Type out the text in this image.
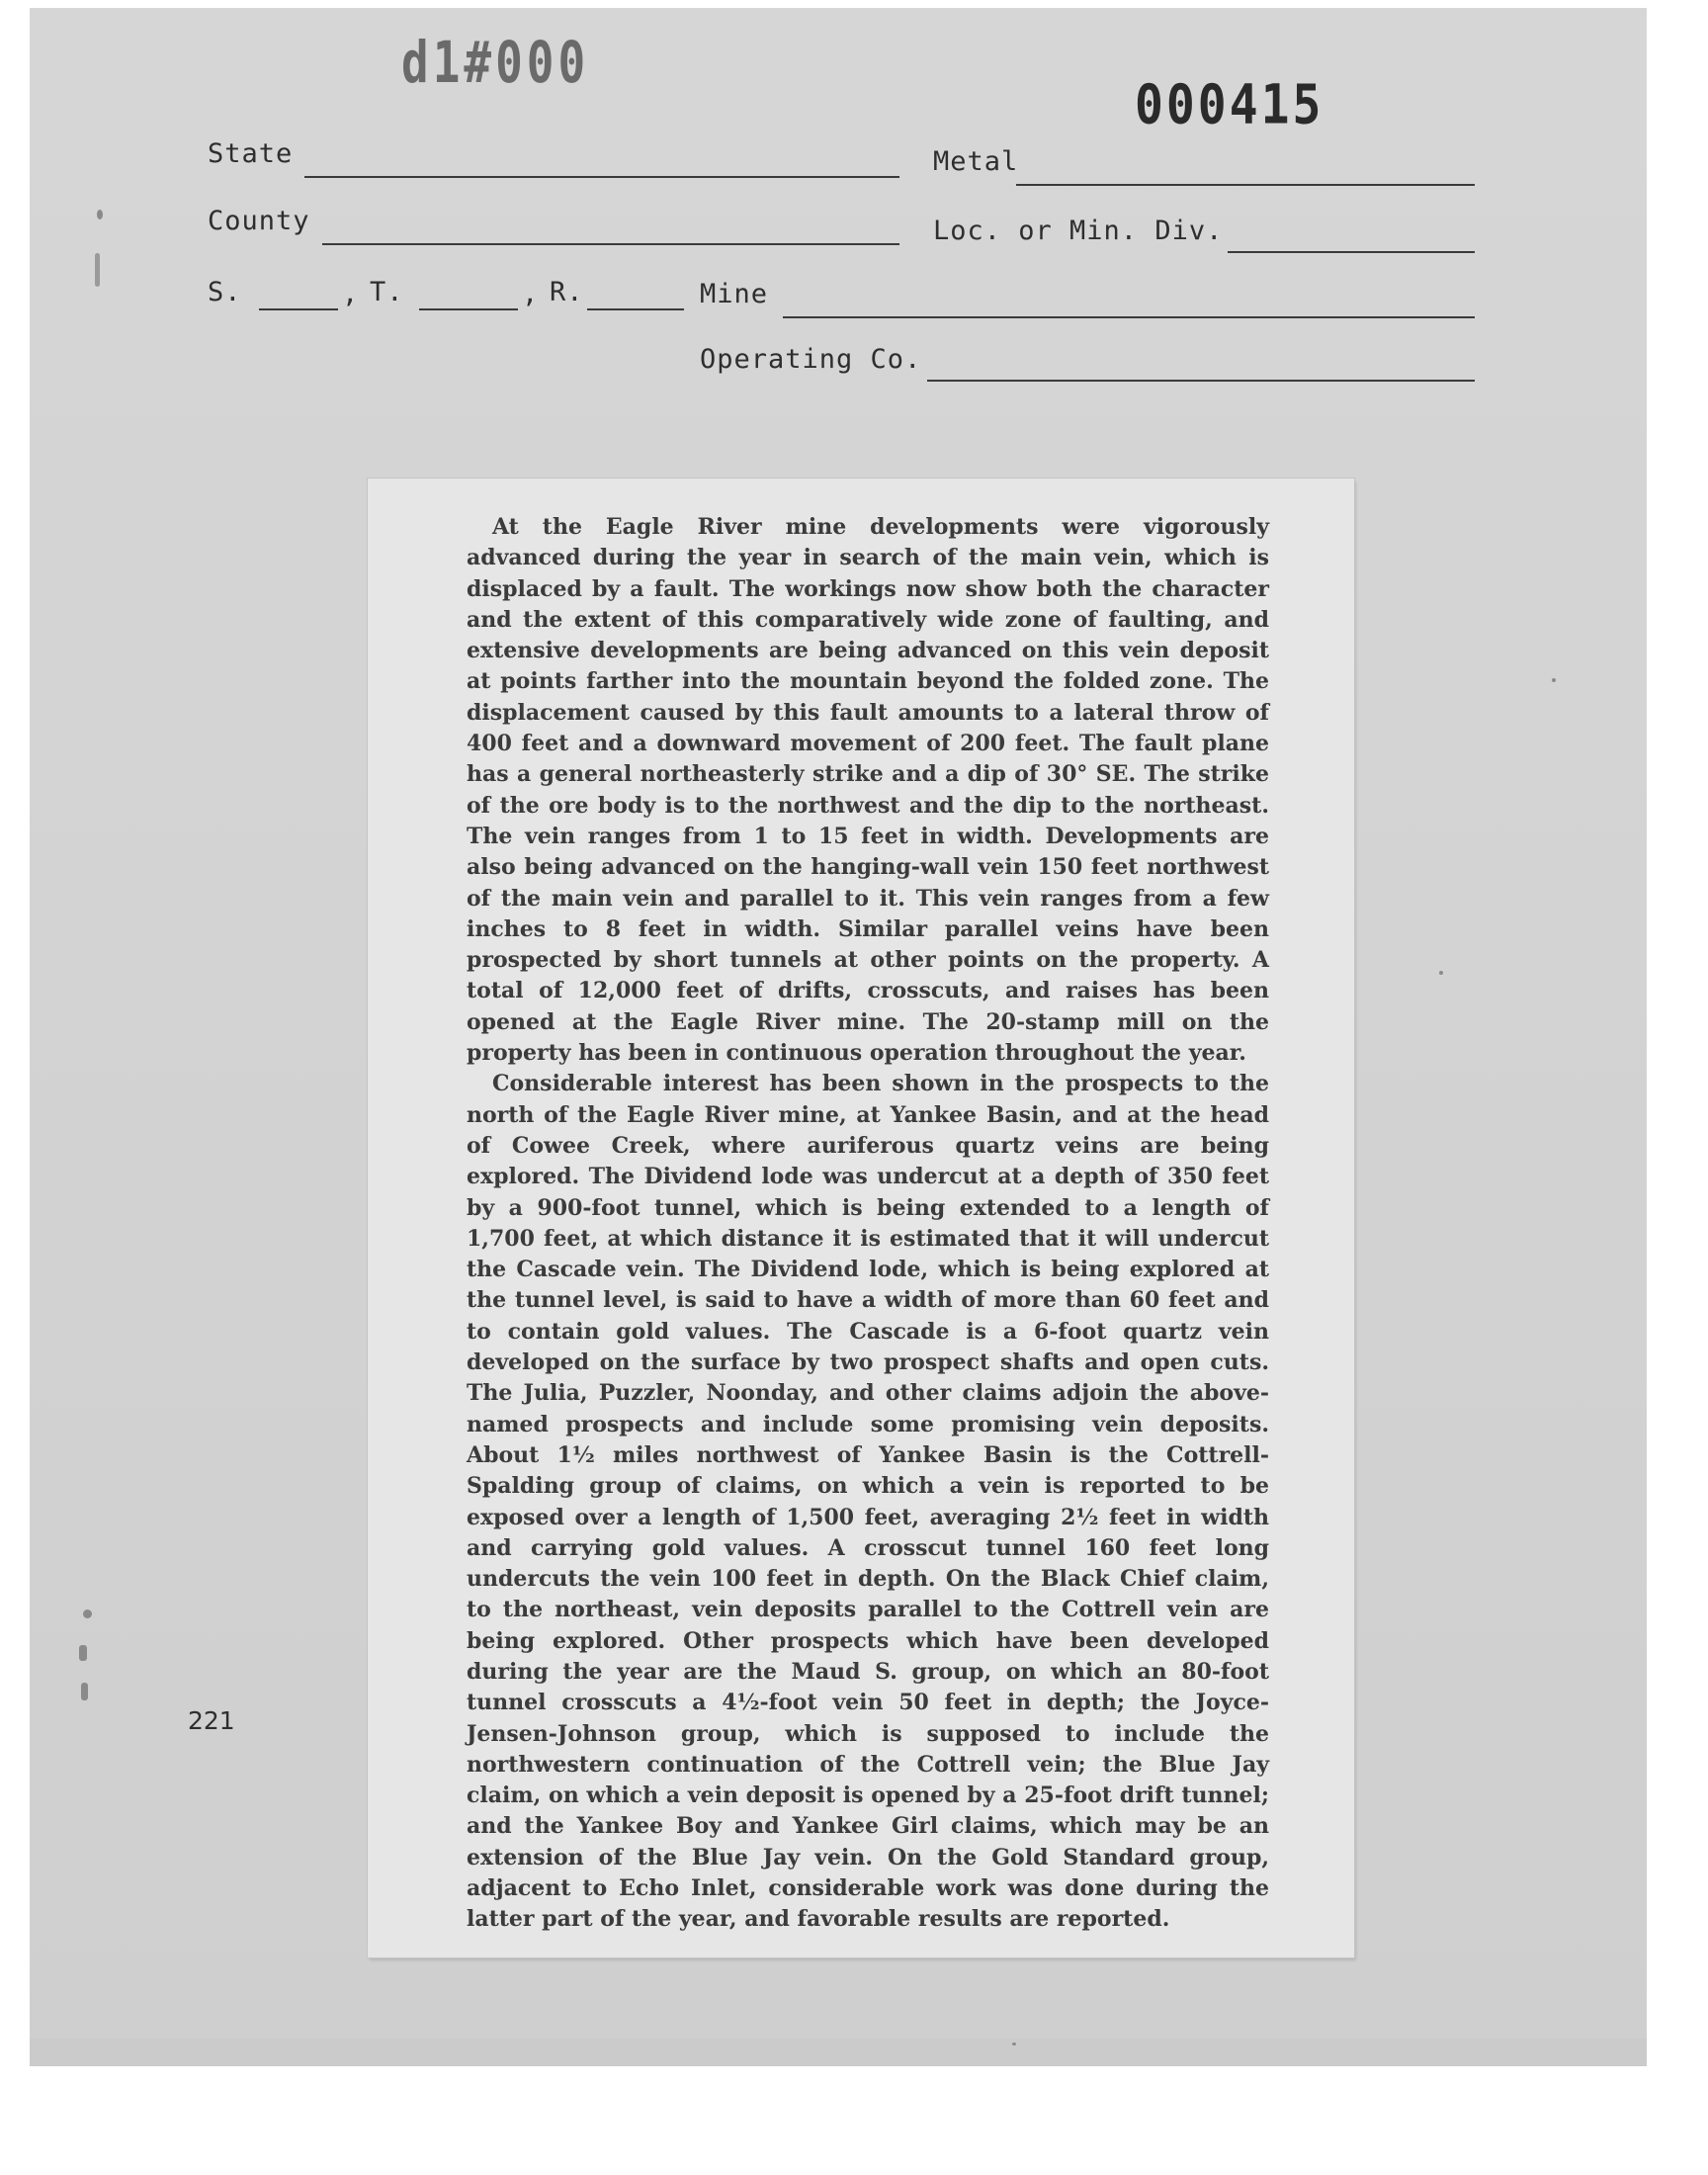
d1#000
000415
State	Metal
County	Loc. or Min. Div.
S.	, T.	, R.	Mine
Operating Co.
221

At the Eagle River mine developments were vigorously advanced during the year in search of the main vein, which is displaced by a fault. The workings now show both the character and the extent of this comparatively wide zone of faulting, and extensive developments are being advanced on this vein deposit at points farther into the mountain beyond the folded zone. The displacement caused by this fault amounts to a lateral throw of 400 feet and a downward movement of 200 feet. The fault plane has a general northeasterly strike and a dip of 30° SE. The strike of the ore body is to the northwest and the dip to the northeast. The vein ranges from 1 to 15 feet in width. Developments are also being advanced on the hanging-wall vein 150 feet northwest of the main vein and parallel to it. This vein ranges from a few inches to 8 feet in width. Similar parallel veins have been prospected by short tunnels at other points on the property. A total of 12,000 feet of drifts, crosscuts, and raises has been opened at the Eagle River mine. The 20-stamp mill on the property has been in continuous operation throughout the year.

Considerable interest has been shown in the prospects to the north of the Eagle River mine, at Yankee Basin, and at the head of Cowee Creek, where auriferous quartz veins are being explored. The Dividend lode was undercut at a depth of 350 feet by a 900-foot tunnel, which is being extended to a length of 1,700 feet, at which distance it is estimated that it will undercut the Cascade vein. The Dividend lode, which is being explored at the tunnel level, is said to have a width of more than 60 feet and to contain gold values. The Cascade is a 6-foot quartz vein developed on the surface by two prospect shafts and open cuts. The Julia, Puzzler, Noonday, and other claims adjoin the above-named prospects and include some promising vein deposits. About 1½ miles northwest of Yankee Basin is the Cottrell-Spalding group of claims, on which a vein is reported to be exposed over a length of 1,500 feet, averaging 2½ feet in width and carrying gold values. A crosscut tunnel 160 feet long undercuts the vein 100 feet in depth. On the Black Chief claim, to the northeast, vein deposits parallel to the Cottrell vein are being explored. Other prospects which have been developed during the year are the Maud S. group, on which an 80-foot tunnel crosscuts a 4½-foot vein 50 feet in depth; the Joyce-Jensen-Johnson group, which is supposed to include the northwestern continuation of the Cottrell vein; the Blue Jay claim, on which a vein deposit is opened by a 25-foot drift tunnel; and the Yankee Boy and Yankee Girl claims, which may be an extension of the Blue Jay vein. On the Gold Standard group, adjacent to Echo Inlet, considerable work was done during the latter part of the year, and favorable results are reported.
